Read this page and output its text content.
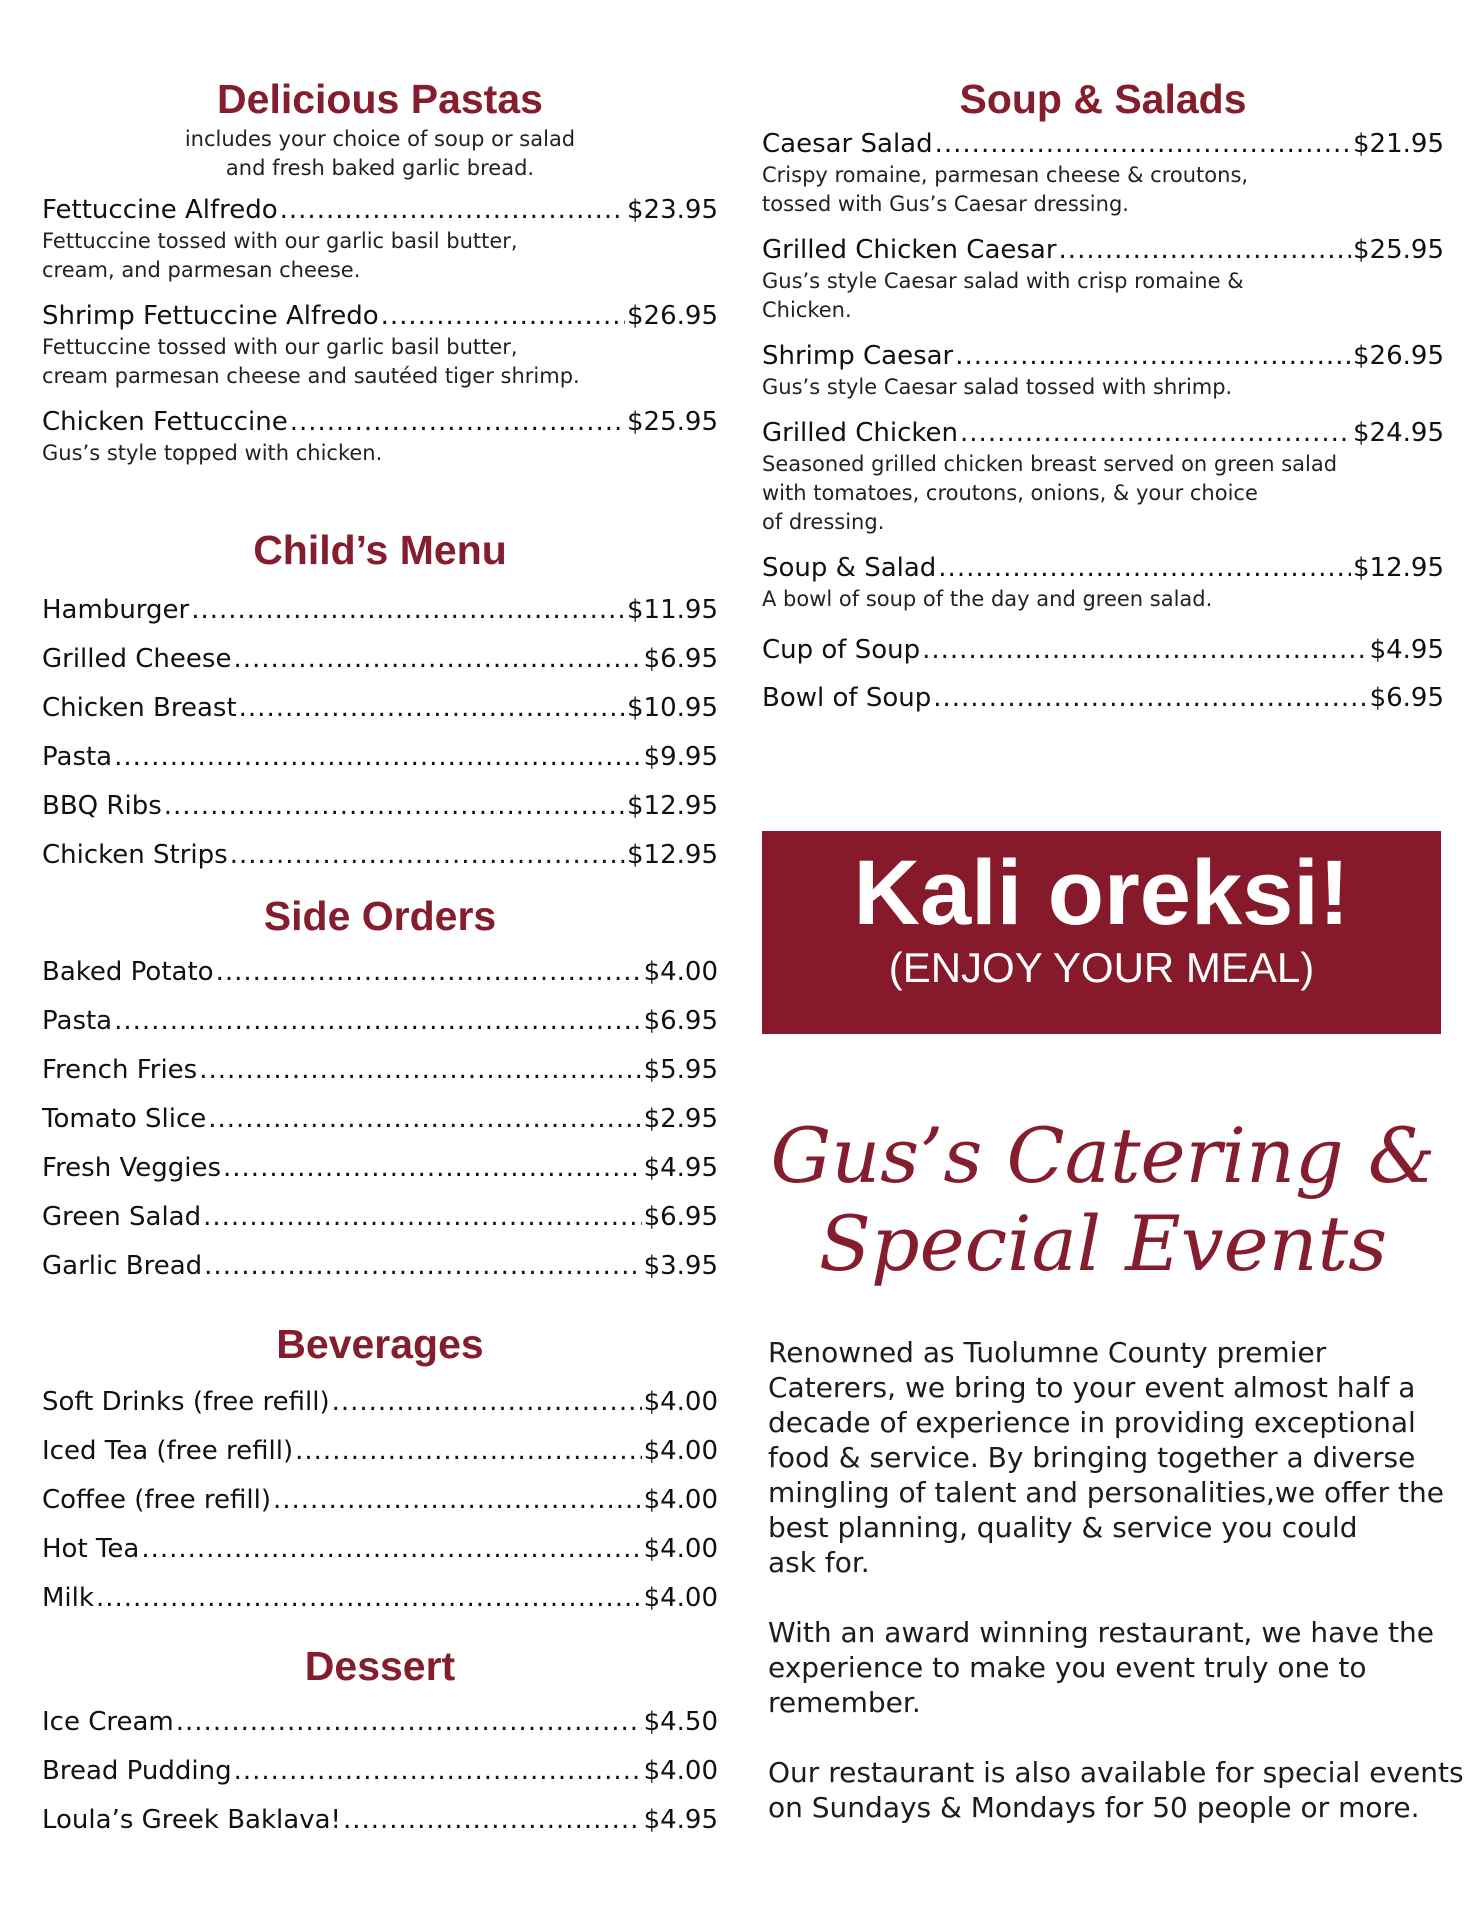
Delicious Pastas

includes your choice of soup or salad
and fresh baked garlic bread.

Fettuccine Alfredo .....	$23.95

Fettuccine tossed with our garlic basil butter,
cream, and parmesan cheese.

Shrimp Fettuccine Alfredo .....	$26.95

Fettuccine tossed with our garlic basil butter,
cream parmesan cheese and sautéed tiger shrimp.

Chicken Fettuccine .....	$25.95

Gus’s style topped with chicken.

Child’s Menu
Hamburger .....	$11.95
Grilled Cheese .....	$6.95
Chicken Breast .....	$10.95
Pasta .....	$9.95
BBQ Ribs .....	$12.95
Chicken Strips .....	$12.95
Side Orders
Baked Potato .....	$4.00
Pasta .....	$6.95
French Fries .....	$5.95
Tomato Slice .....	$2.95
Fresh Veggies .....	$4.95
Green Salad .....	$6.95
Garlic Bread .....	$3.95
Beverages
Soft Drinks (free refill) .....	$4.00
Iced Tea (free refill) .....	$4.00
Coffee (free refill) .....	$4.00
Hot Tea .....	$4.00
Milk .....	$4.00
Dessert
Ice Cream .....	$4.50
Bread Pudding .....	$4.00
Loula’s Greek Baklava! .....	$4.95
Soup & Salads
Caesar Salad .....	$21.95

Crispy romaine, parmesan cheese & croutons,
tossed with Gus’s Caesar dressing.

Grilled Chicken Caesar .....	$25.95

Gus’s style Caesar salad with crisp romaine &
Chicken.

Shrimp Caesar .....	$26.95

Gus’s style Caesar salad tossed with shrimp.

Grilled Chicken .....	$24.95

Seasoned grilled chicken breast served on green salad
with tomatoes, croutons, onions, & your choice
of dressing.

Soup & Salad .....	$12.95

A bowl of soup of the day and green salad.

Cup of Soup .....	$4.95
Bowl of Soup .....	$6.95
Kali oreksi!
(ENJOY YOUR MEAL)
Gus’s Catering &
Special Events

Renowned as Tuolumne County premier
Caterers, we bring to your event almost half a
decade of experience in providing exceptional
food & service. By bringing together a diverse
mingling of talent and personalities,we offer the
best planning, quality & service you could
ask for.

With an award winning restaurant, we have the
experience to make you event truly one to
remember.

Our restaurant is also available for special events
on Sundays & Mondays for 50 people or more.
